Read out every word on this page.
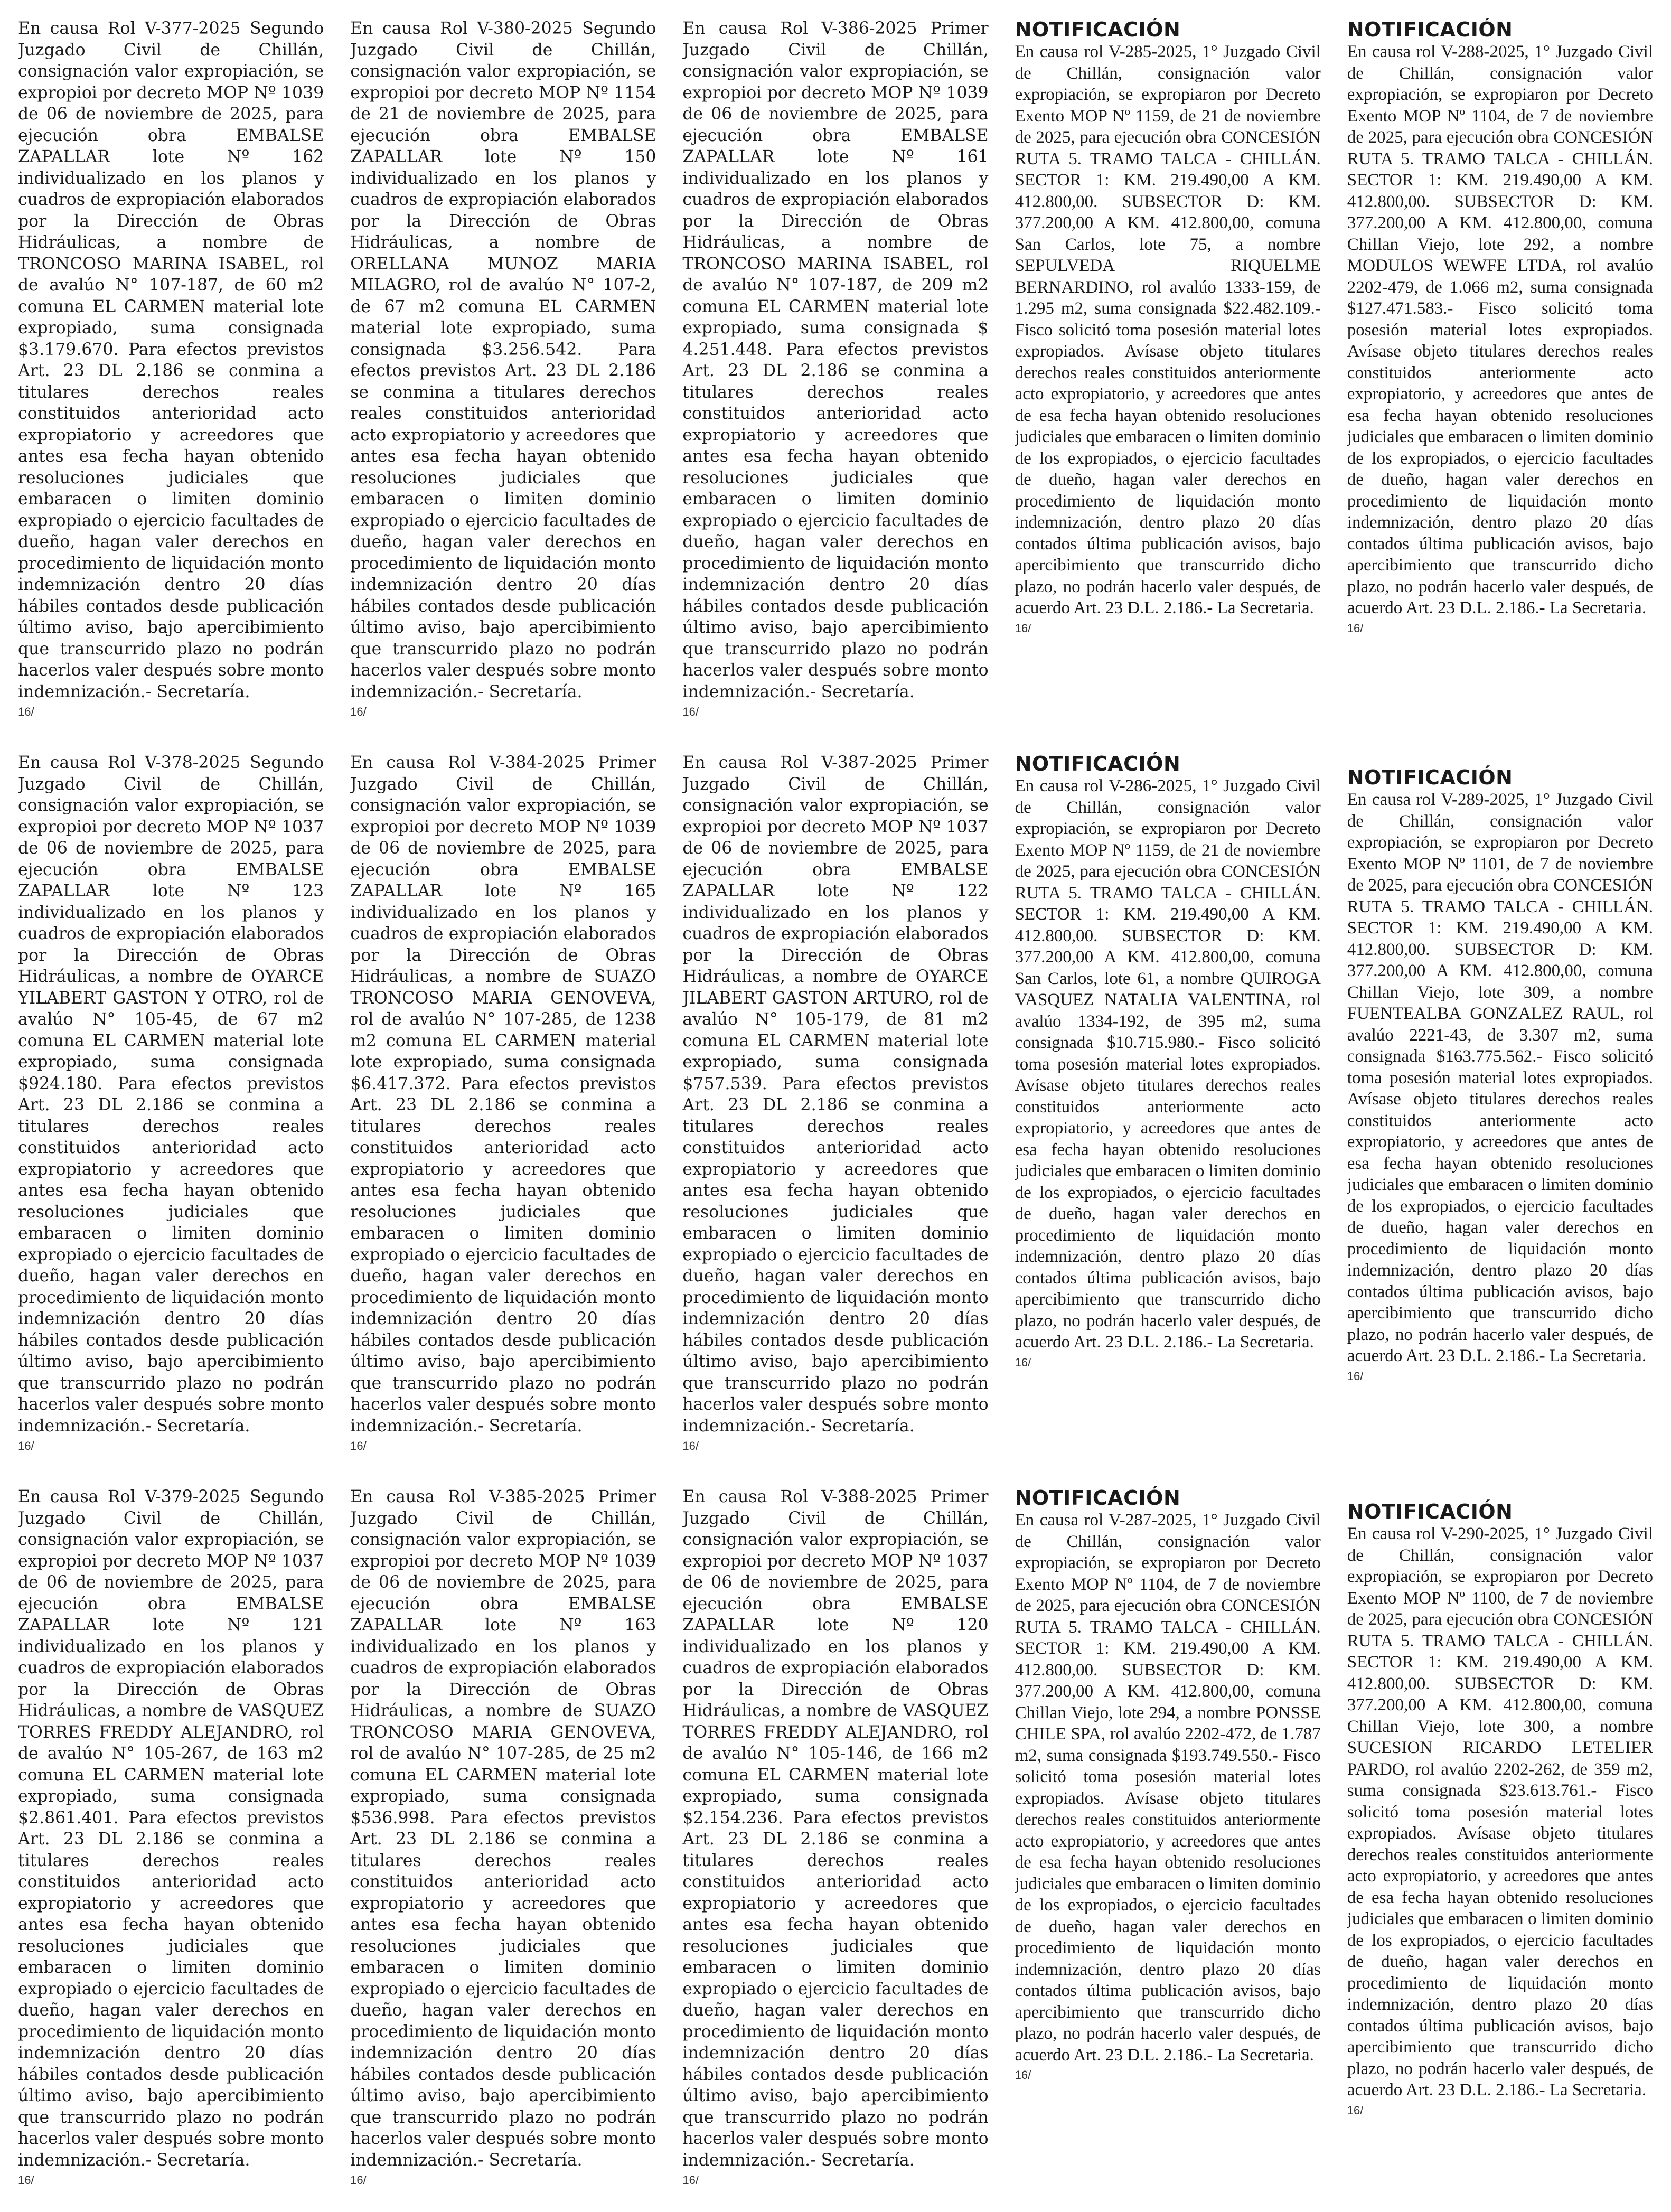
En causa Rol V-377-2025 Segundo Juzgado Civil de Chillán, consignación valor expropiación, se expropioi por decreto MOP Nº 1039 de 06 de noviembre de 2025, para ejecución obra EMBALSE ZAPALLAR lote Nº 162 individualizado en los planos y cuadros de expropiación elaborados por la Dirección de Obras Hidráulicas, a nombre de TRONCOSO MARINA ISABEL, rol de avalúo N° 107-187, de 60 m2 comuna EL CARMEN material lote expropiado, suma consignada $3.179.670. Para efectos previstos Art. 23 DL 2.186 se conmina a titulares derechos reales constituidos anterioridad acto expropiatorio y acreedores que antes esa fecha hayan obtenido resoluciones judiciales que embaracen o limiten dominio expropiado o ejercicio facultades de dueño, hagan valer derechos en procedimiento de liquidación monto indemnización dentro 20 días hábiles contados desde publicación último aviso, bajo apercibimiento que transcurrido plazo no podrán hacerlos valer después sobre monto indemnización.- Secretaría.

16/

En causa Rol V-380-2025 Segundo Juzgado Civil de Chillán, consignación valor expropiación, se expropioi por decreto MOP Nº 1154 de 21 de noviembre de 2025, para ejecución obra EMBALSE ZAPALLAR lote Nº 150 individualizado en los planos y cuadros de expropiación elaborados por la Dirección de Obras Hidráulicas, a nombre de ORELLANA MUNOZ MARIA MILAGRO, rol de avalúo N° 107-2, de 67 m2 comuna EL CARMEN material lote expropiado, suma consignada $3.256.542. Para efectos previstos Art. 23 DL 2.186 se conmina a titulares derechos reales constituidos anterioridad acto expropiatorio y acreedores que antes esa fecha hayan obtenido resoluciones judiciales que embaracen o limiten dominio expropiado o ejercicio facultades de dueño, hagan valer derechos en procedimiento de liquidación monto indemnización dentro 20 días hábiles contados desde publicación último aviso, bajo apercibimiento que transcurrido plazo no podrán hacerlos valer después sobre monto indemnización.- Secretaría.

16/

En causa Rol V-386-2025 Primer Juzgado Civil de Chillán, consignación valor expropiación, se expropioi por decreto MOP Nº 1039 de 06 de noviembre de 2025, para ejecución obra EMBALSE ZAPALLAR lote Nº 161 individualizado en los planos y cuadros de expropiación elaborados por la Dirección de Obras Hidráulicas, a nombre de TRONCOSO MARINA ISABEL, rol de avalúo N° 107-187, de 209 m2 comuna EL CARMEN material lote expropiado, suma consignada $ 4.251.448. Para efectos previstos Art. 23 DL 2.186 se conmina a titulares derechos reales constituidos anterioridad acto expropiatorio y acreedores que antes esa fecha hayan obtenido resoluciones judiciales que embaracen o limiten dominio expropiado o ejercicio facultades de dueño, hagan valer derechos en procedimiento de liquidación monto indemnización dentro 20 días hábiles contados desde publicación último aviso, bajo apercibimiento que transcurrido plazo no podrán hacerlos valer después sobre monto indemnización.- Secretaría.

16/
NOTIFICACIÓN

En causa rol V-285-2025, 1° Juzgado Civil de Chillán, consignación valor expropiación, se expropiaron por Decreto Exento MOP Nº 1159, de 21 de noviembre de 2025, para ejecución obra CONCESIÓN RUTA 5. TRAMO TALCA - CHILLÁN. SECTOR 1: KM. 219.490,00 A KM. 412.800,00. SUBSECTOR D: KM. 377.200,00 A KM. 412.800,00, comuna San Carlos, lote 75, a nombre SEPULVEDA RIQUELME BERNARDINO, rol avalúo 1333-159, de 1.295 m2, suma consignada $22.482.109.- Fisco solicitó toma posesión material lotes expropiados. Avísase objeto titulares derechos reales constituidos anteriormente acto expropiatorio, y acreedores que antes de esa fecha hayan obtenido resoluciones judiciales que embaracen o limiten dominio de los expropiados, o ejercicio facultades de dueño, hagan valer derechos en procedimiento de liquidación monto indemnización, dentro plazo 20 días contados última publicación avisos, bajo apercibimiento que transcurrido dicho plazo, no podrán hacerlo valer después, de acuerdo Art. 23 D.L. 2.186.- La Secretaria.

16/
NOTIFICACIÓN

En causa rol V-288-2025, 1° Juzgado Civil de Chillán, consignación valor expropiación, se expropiaron por Decreto Exento MOP Nº 1104, de 7 de noviembre de 2025, para ejecución obra CONCESIÓN RUTA 5. TRAMO TALCA - CHILLÁN. SECTOR 1: KM. 219.490,00 A KM. 412.800,00. SUBSECTOR D: KM. 377.200,00 A KM. 412.800,00, comuna Chillan Viejo, lote 292, a nombre MODULOS WEWFE LTDA, rol avalúo 2202-479, de 1.066 m2, suma consignada $127.471.583.- Fisco solicitó toma posesión material lotes expropiados. Avísase objeto titulares derechos reales constituidos anteriormente acto expropiatorio, y acreedores que antes de esa fecha hayan obtenido resoluciones judiciales que embaracen o limiten dominio de los expropiados, o ejercicio facultades de dueño, hagan valer derechos en procedimiento de liquidación monto indemnización, dentro plazo 20 días contados última publicación avisos, bajo apercibimiento que transcurrido dicho plazo, no podrán hacerlo valer después, de acuerdo Art. 23 D.L. 2.186.- La Secretaria.

16/

En causa Rol V-378-2025 Segundo Juzgado Civil de Chillán, consignación valor expropiación, se expropioi por decreto MOP Nº 1037 de 06 de noviembre de 2025, para ejecución obra EMBALSE ZAPALLAR lote Nº 123 individualizado en los planos y cuadros de expropiación elaborados por la Dirección de Obras Hidráulicas, a nombre de OYARCE YILABERT GASTON Y OTRO, rol de avalúo N° 105-45, de 67 m2 comuna EL CARMEN material lote expropiado, suma consignada $924.180. Para efectos previstos Art. 23 DL 2.186 se conmina a titulares derechos reales constituidos anterioridad acto expropiatorio y acreedores que antes esa fecha hayan obtenido resoluciones judiciales que embaracen o limiten dominio expropiado o ejercicio facultades de dueño, hagan valer derechos en procedimiento de liquidación monto indemnización dentro 20 días hábiles contados desde publicación último aviso, bajo apercibimiento que transcurrido plazo no podrán hacerlos valer después sobre monto indemnización.- Secretaría.

16/

En causa Rol V-384-2025 Primer Juzgado Civil de Chillán, consignación valor expropiación, se expropioi por decreto MOP Nº 1039 de 06 de noviembre de 2025, para ejecución obra EMBALSE ZAPALLAR lote Nº 165 individualizado en los planos y cuadros de expropiación elaborados por la Dirección de Obras Hidráulicas, a nombre de SUAZO TRONCOSO MARIA GENOVEVA, rol de avalúo N° 107-285, de 1238 m2 comuna EL CARMEN material lote expropiado, suma consignada $6.417.372. Para efectos previstos Art. 23 DL 2.186 se conmina a titulares derechos reales constituidos anterioridad acto expropiatorio y acreedores que antes esa fecha hayan obtenido resoluciones judiciales que embaracen o limiten dominio expropiado o ejercicio facultades de dueño, hagan valer derechos en procedimiento de liquidación monto indemnización dentro 20 días hábiles contados desde publicación último aviso, bajo apercibimiento que transcurrido plazo no podrán hacerlos valer después sobre monto indemnización.- Secretaría.

16/

En causa Rol V-387-2025 Primer Juzgado Civil de Chillán, consignación valor expropiación, se expropioi por decreto MOP Nº 1037 de 06 de noviembre de 2025, para ejecución obra EMBALSE ZAPALLAR lote Nº 122 individualizado en los planos y cuadros de expropiación elaborados por la Dirección de Obras Hidráulicas, a nombre de OYARCE JILABERT GASTON ARTURO, rol de avalúo N° 105-179, de 81 m2 comuna EL CARMEN material lote expropiado, suma consignada $757.539. Para efectos previstos Art. 23 DL 2.186 se conmina a titulares derechos reales constituidos anterioridad acto expropiatorio y acreedores que antes esa fecha hayan obtenido resoluciones judiciales que embaracen o limiten dominio expropiado o ejercicio facultades de dueño, hagan valer derechos en procedimiento de liquidación monto indemnización dentro 20 días hábiles contados desde publicación último aviso, bajo apercibimiento que transcurrido plazo no podrán hacerlos valer después sobre monto indemnización.- Secretaría.

16/
NOTIFICACIÓN

En causa rol V-286-2025, 1° Juzgado Civil de Chillán, consignación valor expropiación, se expropiaron por Decreto Exento MOP Nº 1159, de 21 de noviembre de 2025, para ejecución obra CONCESIÓN RUTA 5. TRAMO TALCA - CHILLÁN. SECTOR 1: KM. 219.490,00 A KM. 412.800,00. SUBSECTOR D: KM. 377.200,00 A KM. 412.800,00, comuna San Carlos, lote 61, a nombre QUIROGA VASQUEZ NATALIA VALENTINA, rol avalúo 1334-192, de 395 m2, suma consignada $10.715.980.- Fisco solicitó toma posesión material lotes expropiados. Avísase objeto titulares derechos reales constituidos anteriormente acto expropiatorio, y acreedores que antes de esa fecha hayan obtenido resoluciones judiciales que embaracen o limiten dominio de los expropiados, o ejercicio facultades de dueño, hagan valer derechos en procedimiento de liquidación monto indemnización, dentro plazo 20 días contados última publicación avisos, bajo apercibimiento que transcurrido dicho plazo, no podrán hacerlo valer después, de acuerdo Art. 23 D.L. 2.186.- La Secretaria.

16/
NOTIFICACIÓN

En causa rol V-289-2025, 1° Juzgado Civil de Chillán, consignación valor expropiación, se expropiaron por Decreto Exento MOP Nº 1101, de 7 de noviembre de 2025, para ejecución obra CONCESIÓN RUTA 5. TRAMO TALCA - CHILLÁN. SECTOR 1: KM. 219.490,00 A KM. 412.800,00. SUBSECTOR D: KM. 377.200,00 A KM. 412.800,00, comuna Chillan Viejo, lote 309, a nombre FUENTEALBA GONZALEZ RAUL, rol avalúo 2221-43, de 3.307 m2, suma consignada $163.775.562.- Fisco solicitó toma posesión material lotes expropiados. Avísase objeto titulares derechos reales constituidos anteriormente acto expropiatorio, y acreedores que antes de esa fecha hayan obtenido resoluciones judiciales que embaracen o limiten dominio de los expropiados, o ejercicio facultades de dueño, hagan valer derechos en procedimiento de liquidación monto indemnización, dentro plazo 20 días contados última publicación avisos, bajo apercibimiento que transcurrido dicho plazo, no podrán hacerlo valer después, de acuerdo Art. 23 D.L. 2.186.- La Secretaria.

16/

En causa Rol V-379-2025 Segundo Juzgado Civil de Chillán, consignación valor expropiación, se expropioi por decreto MOP Nº 1037 de 06 de noviembre de 2025, para ejecución obra EMBALSE ZAPALLAR lote Nº 121 individualizado en los planos y cuadros de expropiación elaborados por la Dirección de Obras Hidráulicas, a nombre de VASQUEZ TORRES FREDDY ALEJANDRO, rol de avalúo N° 105-267, de 163 m2 comuna EL CARMEN material lote expropiado, suma consignada $2.861.401. Para efectos previstos Art. 23 DL 2.186 se conmina a titulares derechos reales constituidos anterioridad acto expropiatorio y acreedores que antes esa fecha hayan obtenido resoluciones judiciales que embaracen o limiten dominio expropiado o ejercicio facultades de dueño, hagan valer derechos en procedimiento de liquidación monto indemnización dentro 20 días hábiles contados desde publicación último aviso, bajo apercibimiento que transcurrido plazo no podrán hacerlos valer después sobre monto indemnización.- Secretaría.

16/

En causa Rol V-385-2025 Primer Juzgado Civil de Chillán, consignación valor expropiación, se expropioi por decreto MOP Nº 1039 de 06 de noviembre de 2025, para ejecución obra EMBALSE ZAPALLAR lote Nº 163 individualizado en los planos y cuadros de expropiación elaborados por la Dirección de Obras Hidráulicas, a nombre de SUAZO TRONCOSO MARIA GENOVEVA, rol de avalúo N° 107-285, de 25 m2 comuna EL CARMEN material lote expropiado, suma consignada $536.998. Para efectos previstos Art. 23 DL 2.186 se conmina a titulares derechos reales constituidos anterioridad acto expropiatorio y acreedores que antes esa fecha hayan obtenido resoluciones judiciales que embaracen o limiten dominio expropiado o ejercicio facultades de dueño, hagan valer derechos en procedimiento de liquidación monto indemnización dentro 20 días hábiles contados desde publicación último aviso, bajo apercibimiento que transcurrido plazo no podrán hacerlos valer después sobre monto indemnización.- Secretaría.

16/

En causa Rol V-388-2025 Primer Juzgado Civil de Chillán, consignación valor expropiación, se expropioi por decreto MOP Nº 1037 de 06 de noviembre de 2025, para ejecución obra EMBALSE ZAPALLAR lote Nº 120 individualizado en los planos y cuadros de expropiación elaborados por la Dirección de Obras Hidráulicas, a nombre de VASQUEZ TORRES FREDDY ALEJANDRO, rol de avalúo N° 105-146, de 166 m2 comuna EL CARMEN material lote expropiado, suma consignada $2.154.236. Para efectos previstos Art. 23 DL 2.186 se conmina a titulares derechos reales constituidos anterioridad acto expropiatorio y acreedores que antes esa fecha hayan obtenido resoluciones judiciales que embaracen o limiten dominio expropiado o ejercicio facultades de dueño, hagan valer derechos en procedimiento de liquidación monto indemnización dentro 20 días hábiles contados desde publicación último aviso, bajo apercibimiento que transcurrido plazo no podrán hacerlos valer después sobre monto indemnización.- Secretaría.

16/
NOTIFICACIÓN

En causa rol V-287-2025, 1° Juzgado Civil de Chillán, consignación valor expropiación, se expropiaron por Decreto Exento MOP Nº 1104, de 7 de noviembre de 2025, para ejecución obra CONCESIÓN RUTA 5. TRAMO TALCA - CHILLÁN. SECTOR 1: KM. 219.490,00 A KM. 412.800,00. SUBSECTOR D: KM. 377.200,00 A KM. 412.800,00, comuna Chillan Viejo, lote 294, a nombre PONSSE CHILE SPA, rol avalúo 2202-472, de 1.787 m2, suma consignada $193.749.550.- Fisco solicitó toma posesión material lotes expropiados. Avísase objeto titulares derechos reales constituidos anteriormente acto expropiatorio, y acreedores que antes de esa fecha hayan obtenido resoluciones judiciales que embaracen o limiten dominio de los expropiados, o ejercicio facultades de dueño, hagan valer derechos en procedimiento de liquidación monto indemnización, dentro plazo 20 días contados última publicación avisos, bajo apercibimiento que transcurrido dicho plazo, no podrán hacerlo valer después, de acuerdo Art. 23 D.L. 2.186.- La Secretaria.

16/
NOTIFICACIÓN

En causa rol V-290-2025, 1° Juzgado Civil de Chillán, consignación valor expropiación, se expropiaron por Decreto Exento MOP Nº 1100, de 7 de noviembre de 2025, para ejecución obra CONCESIÓN RUTA 5. TRAMO TALCA - CHILLÁN. SECTOR 1: KM. 219.490,00 A KM. 412.800,00. SUBSECTOR D: KM. 377.200,00 A KM. 412.800,00, comuna Chillan Viejo, lote 300, a nombre SUCESION RICARDO LETELIER PARDO, rol avalúo 2202-262, de 359 m2, suma consignada $23.613.761.- Fisco solicitó toma posesión material lotes expropiados. Avísase objeto titulares derechos reales constituidos anteriormente acto expropiatorio, y acreedores que antes de esa fecha hayan obtenido resoluciones judiciales que embaracen o limiten dominio de los expropiados, o ejercicio facultades de dueño, hagan valer derechos en procedimiento de liquidación monto indemnización, dentro plazo 20 días contados última publicación avisos, bajo apercibimiento que transcurrido dicho plazo, no podrán hacerlo valer después, de acuerdo Art. 23 D.L. 2.186.- La Secretaria.

16/
